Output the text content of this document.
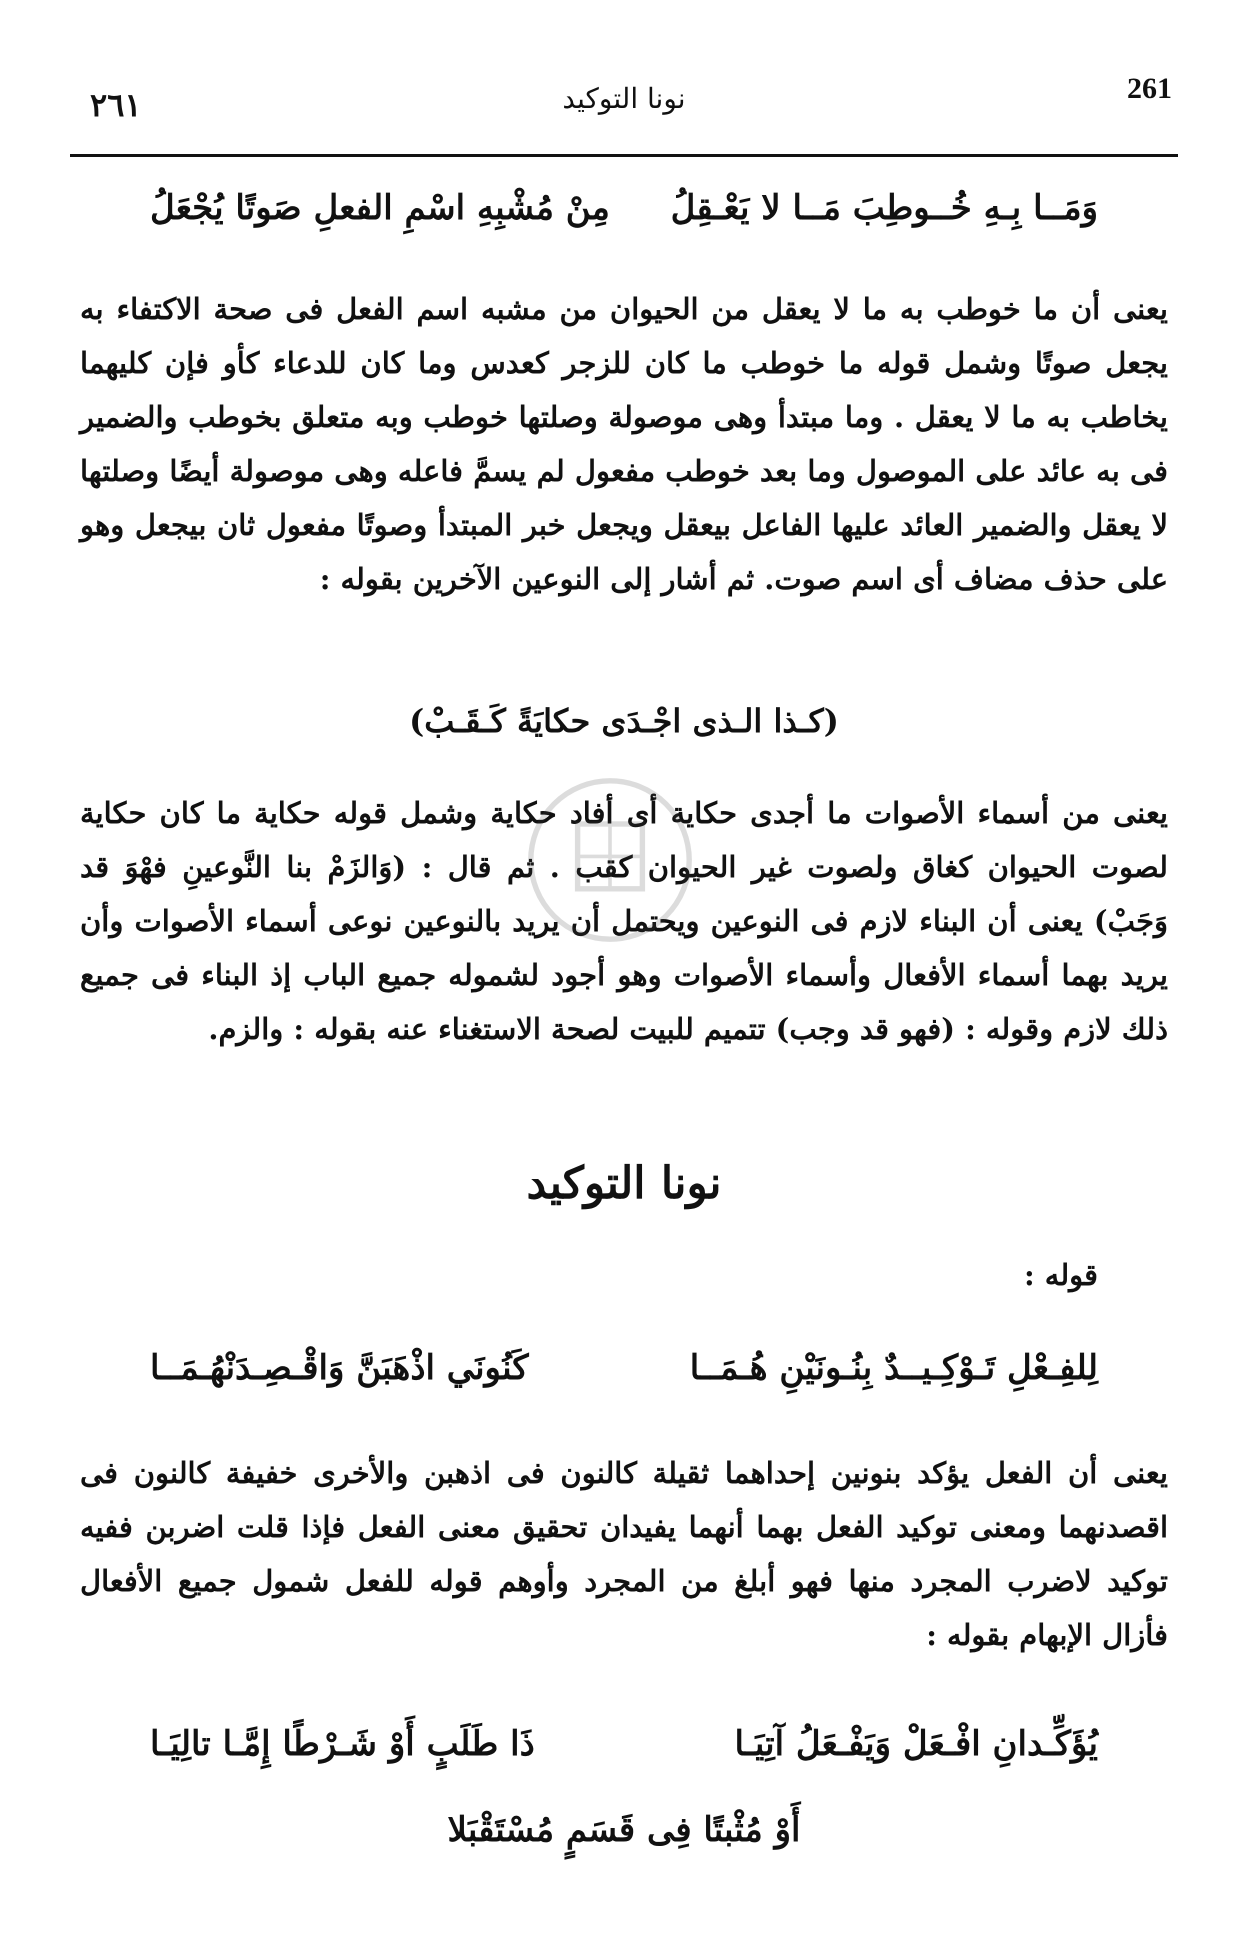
261
نونا التوكيد
٢٦١
وَمَــا بِـهِ خُــوطِبَ مَــا لا يَعْـقِلُ
مِنْ مُشْبِهِ اسْمِ الفعلِ صَوتًا يُجْعَلُ
يعنى أن ما خوطب به ما لا يعقل من الحيوان من مشبه اسم الفعل فى صحة الاكتفاء به يجعل صوتًا وشمل قوله ما خوطب ما كان للزجر كعدس وما كان للدعاء كأو فإن كليهما يخاطب به ما لا يعقل . وما مبتدأ وهى موصولة وصلتها خوطب وبه متعلق بخوطب والضمير فى به عائد على الموصول وما بعد خوطب مفعول لم يسمَّ فاعله وهى موصولة أيضًا وصلتها لا يعقل والضمير العائد عليها الفاعل بيعقل ويجعل خبر المبتدأ وصوتًا مفعول ثان بيجعل وهو على حذف مضاف أى اسم صوت. ثم أشار إلى النوعين الآخرين بقوله :
(كـذا الـذى اجْـدَى حكايَةً كَـقَـبْ)
يعنى من أسماء الأصوات ما أجدى حكاية أى أفاد حكاية وشمل قوله حكاية ما كان حكاية لصوت الحيوان كغاق ولصوت غير الحيوان كقب . ثم قال : (وَالزَمْ بنا النَّوعينِ فهْوَ قد وَجَبْ) يعنى أن البناء لازم فى النوعين ويحتمل أن يريد بالنوعين نوعى أسماء الأصوات وأن يريد بهما أسماء الأفعال وأسماء الأصوات وهو أجود لشموله جميع الباب إذ البناء فى جميع ذلك لازم وقوله : (فهو قد وجب) تتميم للبيت لصحة الاستغناء عنه بقوله : والزم.
نونا التوكيد
قوله :
لِلفِـعْلِ تَـوْكِـيــدٌ بِنُـونَيْنِ هُـمَــا
كَنُونَي اذْهَبَنَّ وَاقْـصِـدَنْهُـمَــا
يعنى أن الفعل يؤكد بنونين إحداهما ثقيلة كالنون فى اذهبن والأخرى خفيفة كالنون فى اقصدنهما ومعنى توكيد الفعل بهما أنهما يفيدان تحقيق معنى الفعل فإذا قلت اضربن ففيه توكيد لاضرب المجرد منها فهو أبلغ من المجرد وأوهم قوله للفعل شمول جميع الأفعال فأزال الإبهام بقوله :
يُؤَكِّـدانِ افْـعَلْ وَيَفْـعَلُ آتِيَـا
ذَا طَلَبٍ أَوْ شَـرْطًا إِمَّـا تالِيَـا
أَوْ مُثْبتًا فِى قَسَمٍ مُسْتَقْبَلا
